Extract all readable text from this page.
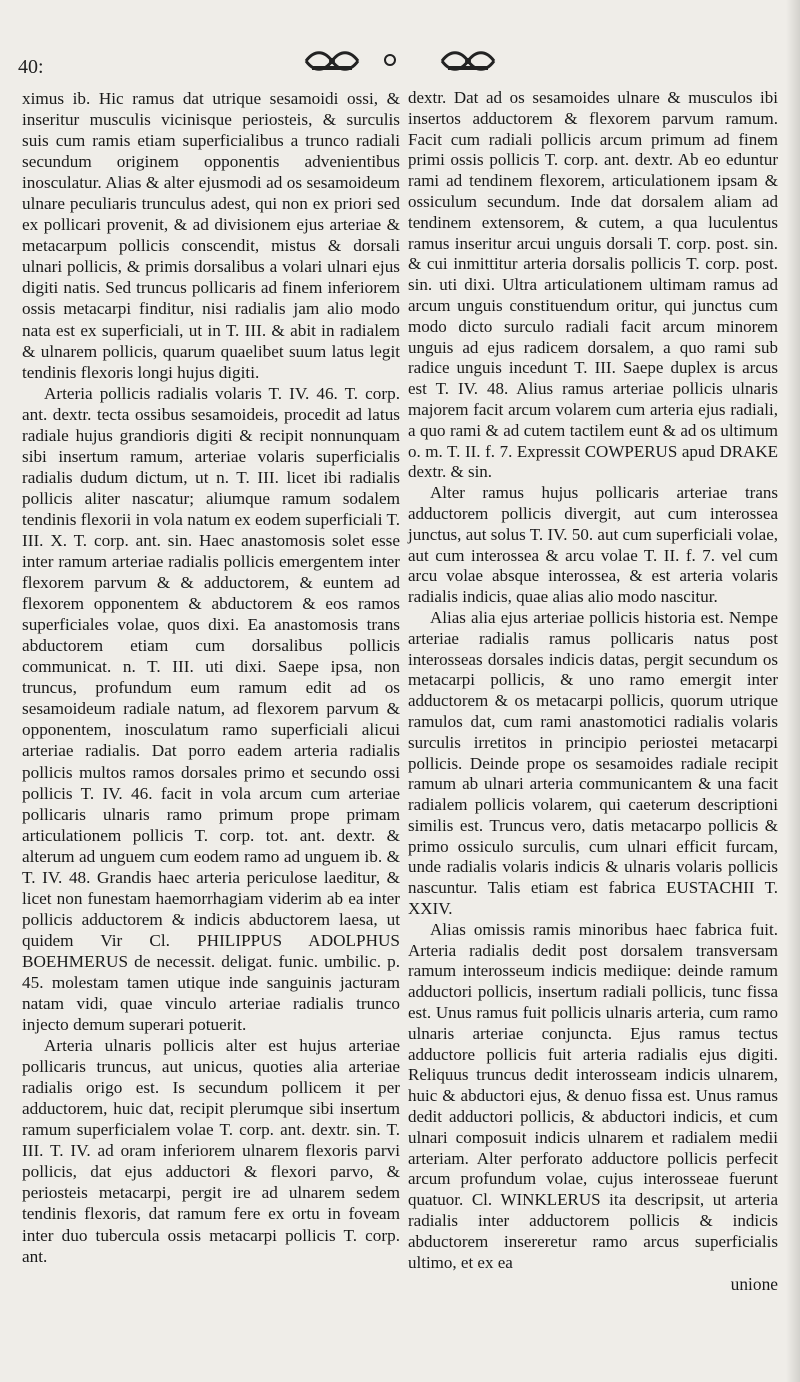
40:

ximus ib. Hic ramus dat utrique sesamoidi ossi, & inseritur musculis vicinisque periosteis, & surculis suis cum ramis etiam superficialibus a trunco radiali secundum originem opponentis advenientibus inosculatur. Alias & alter ejusmodi ad os sesamoideum ulnare peculiaris trunculus adest, qui non ex priori sed ex pollicari provenit, & ad divisionem ejus arteriae & metacarpum pollicis conscendit, mistus & dorsali ulnari pollicis, & primis dorsalibus a volari ulnari ejus digiti natis. Sed truncus pollicaris ad finem inferiorem ossis metacarpi finditur, nisi radialis jam alio modo nata est ex superficiali, ut in T. III. & abit in radialem & ulnarem pollicis, quarum quaelibet suum latus legit tendinis flexoris longi hujus digiti.

Arteria pollicis radialis volaris T. IV. 46. T. corp. ant. dextr. tecta ossibus sesamoideis, procedit ad latus radiale hujus grandioris digiti & recipit nonnunquam sibi insertum ramum, arteriae volaris superficialis radialis dudum dictum, ut n. T. III. licet ibi radialis pollicis aliter nascatur; aliumque ramum sodalem tendinis flexorii in vola natum ex eodem superficiali T. III. X. T. corp. ant. sin. Haec anastomosis solet esse inter ramum arteriae radialis pollicis emergentem inter flexorem parvum & & adductorem, & euntem ad flexorem opponentem & abductorem & eos ramos superficiales volae, quos dixi. Ea anastomosis trans abductorem etiam cum dorsalibus pollicis communicat. n. T. III. uti dixi. Saepe ipsa, non truncus, profundum eum ramum edit ad os sesamoideum radiale natum, ad flexorem parvum & opponentem, inosculatum ramo superficiali alicui arteriae radialis. Dat porro eadem arteria radialis pollicis multos ramos dorsales primo et secundo ossi pollicis T. IV. 46. facit in vola arcum cum arteriae pollicaris ulnaris ramo primum prope primam articulationem pollicis T. corp. tot. ant. dextr. & alterum ad unguem cum eodem ramo ad unguem ib. & T. IV. 48. Grandis haec arteria periculose laeditur, & licet non funestam haemorrhagiam viderim ab ea inter pollicis adductorem & indicis abductorem laesa, ut quidem Vir Cl. PHILIPPUS ADOLPHUS BOEHMERUS de necessit. deligat. funic. umbilic. p. 45. molestam tamen utique inde sanguinis jacturam natam vidi, quae vinculo arteriae radialis trunco injecto demum superari potuerit.

Arteria ulnaris pollicis alter est hujus arteriae pollicaris truncus, aut unicus, quoties alia arteriae radialis origo est. Is secundum pollicem it per adductorem, huic dat, recipit plerumque sibi insertum ramum superficialem volae T. corp. ant. dextr. sin. T. III. T. IV. ad oram inferiorem ulnarem flexoris parvi pollicis, dat ejus adductori & flexori parvo, & periosteis metacarpi, pergit ire ad ulnarem sedem tendinis flexoris, dat ramum fere ex ortu in foveam inter duo tubercula ossis metacarpi pollicis T. corp. ant.

dextr. Dat ad os sesamoides ulnare & musculos ibi insertos adductorem & flexorem parvum ramum. Facit cum radiali pollicis arcum primum ad finem primi ossis pollicis T. corp. ant. dextr. Ab eo eduntur rami ad tendinem flexorem, articulationem ipsam & ossiculum secundum. Inde dat dorsalem aliam ad tendinem extensorem, & cutem, a qua luculentus ramus inseritur arcui unguis dorsali T. corp. post. sin. & cui inmittitur arteria dorsalis pollicis T. corp. post. sin. uti dixi. Ultra articulationem ultimam ramus ad arcum unguis constituendum oritur, qui junctus cum modo dicto surculo radiali facit arcum minorem unguis ad ejus radicem dorsalem, a quo rami sub radice unguis incedunt T. III. Saepe duplex is arcus est T. IV. 48. Alius ramus arteriae pollicis ulnaris majorem facit arcum volarem cum arteria ejus radiali, a quo rami & ad cutem tactilem eunt & ad os ultimum o. m. T. II. f. 7. Expressit COWPERUS apud DRAKE dextr. & sin.

Alter ramus hujus pollicaris arteriae trans adductorem pollicis divergit, aut cum interossea junctus, aut solus T. IV. 50. aut cum superficiali volae, aut cum interossea & arcu volae T. II. f. 7. vel cum arcu volae absque interossea, & est arteria volaris radialis indicis, quae alias alio modo nascitur.

Alias alia ejus arteriae pollicis historia est. Nempe arteriae radialis ramus pollicaris natus post interosseas dorsales indicis datas, pergit secundum os metacarpi pollicis, & uno ramo emergit inter adductorem & os metacarpi pollicis, quorum utrique ramulos dat, cum rami anastomotici radialis volaris surculis irretitos in principio periostei metacarpi pollicis. Deinde prope os sesamoides radiale recipit ramum ab ulnari arteria communicantem & una facit radialem pollicis volarem, qui caeterum descriptioni similis est. Truncus vero, datis metacarpo pollicis & primo ossiculo surculis, cum ulnari efficit furcam, unde radialis volaris indicis & ulnaris volaris pollicis nascuntur. Talis etiam est fabrica EUSTACHII T. XXIV.

Alias omissis ramis minoribus haec fabrica fuit. Arteria radialis dedit post dorsalem transversam ramum interosseum indicis mediique: deinde ramum adductori pollicis, insertum radiali pollicis, tunc fissa est. Unus ramus fuit pollicis ulnaris arteria, cum ramo ulnaris arteriae conjuncta. Ejus ramus tectus adductore pollicis fuit arteria radialis ejus digiti. Reliquus truncus dedit interosseam indicis ulnarem, huic & abductori ejus, & denuo fissa est. Unus ramus dedit adductori pollicis, & abductori indicis, et cum ulnari composuit indicis ulnarem et radialem medii arteriam. Alter perforato adductore pollicis perfecit arcum profundum volae, cujus interosseae fuerunt quatuor. Cl. WINKLERUS ita descripsit, ut arteria radialis inter adductorem pollicis & indicis abductorem insereretur ramo arcus superficialis ultimo, et ex ea

unione
